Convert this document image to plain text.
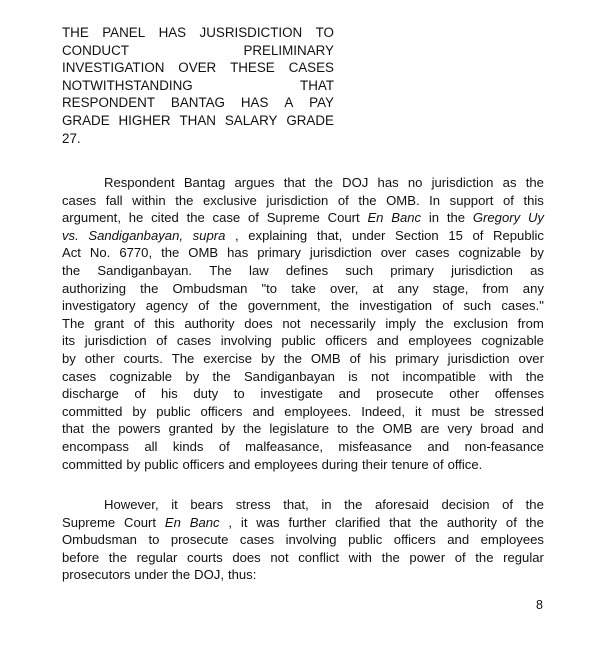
THE PANEL HAS JUSRISDICTION TO
CONDUCT	PRELIMINARY
INVESTIGATION OVER THESE CASES
NOTWITHSTANDING	THAT
RESPONDENT BANTAG HAS A PAY
GRADE HIGHER THAN SALARY GRADE
27.
Respondent Bantag argues that the DOJ has no jurisdiction as the
cases fall within the exclusive jurisdiction of the OMB. In support of this
argument, he cited the case of Supreme Court En Banc in the Gregory Uy
vs. Sandiganbayan, supra , explaining that, under Section 15 of Republic
Act No. 6770, the OMB has primary jurisdiction over cases cognizable by
the Sandiganbayan. The law defines such primary jurisdiction as
authorizing the Ombudsman "to take over, at any stage, from any
investigatory agency of the government, the investigation of such cases."
The grant of this authority does not necessarily imply the exclusion from
its jurisdiction of cases involving public officers and employees cognizable
by other courts. The exercise by the OMB of his primary jurisdiction over
cases cognizable by the Sandiganbayan is not incompatible with the
discharge of his duty to investigate and prosecute other offenses
committed by public officers and employees. Indeed, it must be stressed
that the powers granted by the legislature to the OMB are very broad and
encompass all kinds of malfeasance, misfeasance and non-feasance
committed by public officers and employees during their tenure of office.
However, it bears stress that, in the aforesaid decision of the
Supreme Court En Banc , it was further clarified that the authority of the
Ombudsman to prosecute cases involving public officers and employees
before the regular courts does not conflict with the power of the regular
prosecutors under the DOJ, thus:
8
